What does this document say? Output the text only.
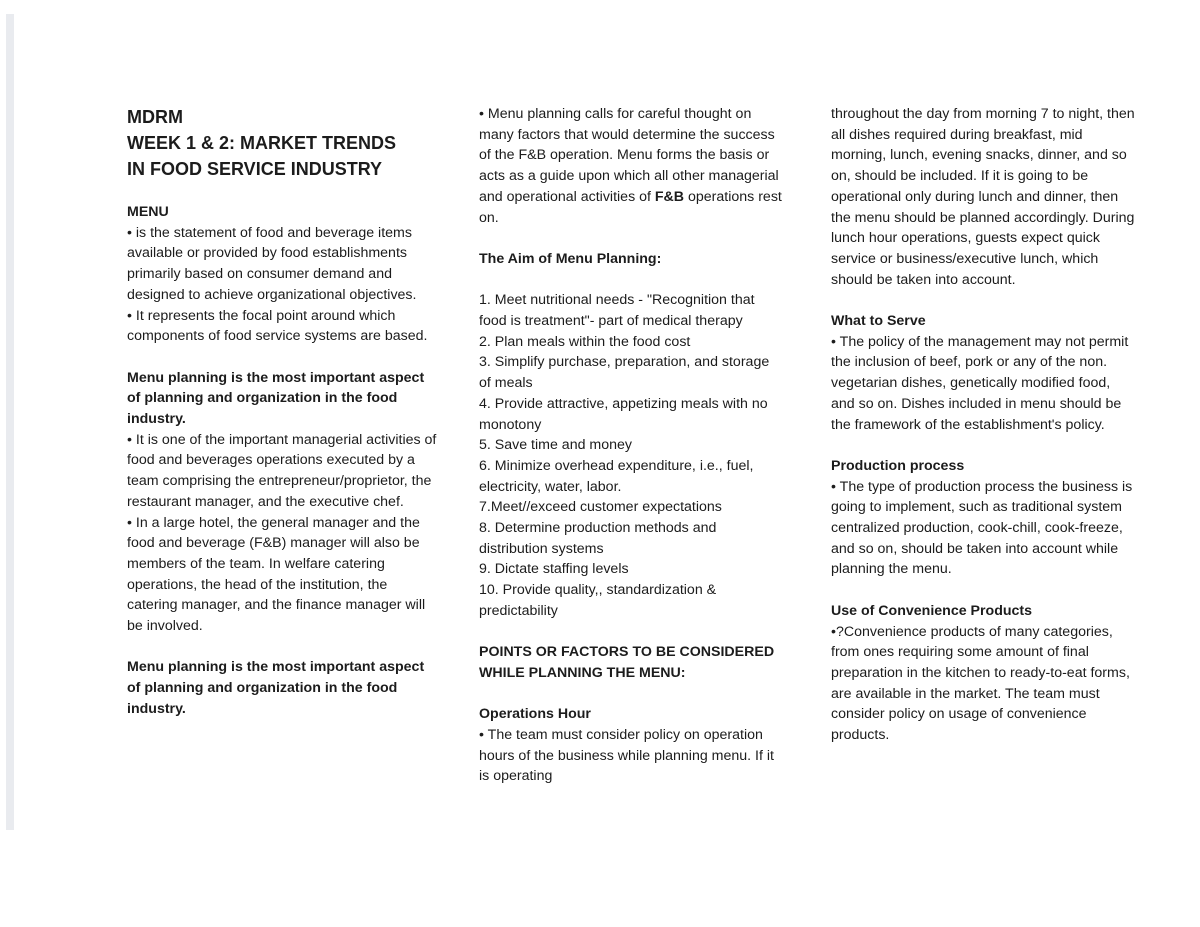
MDRM
WEEK 1 & 2: MARKET TRENDS
IN FOOD SERVICE INDUSTRY

MENU

• is the statement of food and beverage items available or provided by food establishments primarily based on consumer demand and designed to achieve organizational objectives.

• It represents the focal point around which components of food service systems are based.

Menu planning is the most important aspect of planning and organization in the food industry.

• It is one of the important managerial activities of food and beverages operations executed by a team comprising the entrepreneur/proprietor, the restaurant manager, and the executive chef.

• In a large hotel, the general manager and the food and beverage (F&B) manager will also be members of the team. In welfare catering operations, the head of the institution, the catering manager, and the finance manager will be involved.

Menu planning is the most important aspect of planning and organization in the food industry.

• Menu planning calls for careful thought on many factors that would determine the success of the F&B operation. Menu forms the basis or acts as a guide upon which all other managerial and operational activities of F&B operations rest on.

The Aim of Menu Planning:

1. Meet nutritional needs - "Recognition that food is treatment"- part of medical therapy

2. Plan meals within the food cost

3. Simplify purchase, preparation, and storage of meals

4. Provide attractive, appetizing meals with no monotony

5. Save time and money

6. Minimize overhead expenditure, i.e., fuel, electricity, water, labor.

7.Meet//exceed customer expectations

8. Determine production methods and distribution systems

9. Dictate staffing levels

10. Provide quality,, standardization & predictability

POINTS OR FACTORS TO BE CONSIDERED WHILE PLANNING THE MENU:

Operations Hour

• The team must consider policy on operation hours of the business while planning menu. If it is operating

throughout the day from morning 7 to night, then all dishes required during breakfast, mid morning, lunch, evening snacks, dinner, and so on, should be included. If it is going to be operational only during lunch and dinner, then the menu should be planned accordingly. During lunch hour operations, guests expect quick service or business/executive lunch, which should be taken into account.

What to Serve

• The policy of the management may not permit the inclusion of beef, pork or any of the non. vegetarian dishes, genetically modified food, and so on. Dishes included in menu should be the framework of the establishment's policy.

Production process

• The type of production process the business is going to implement, such as traditional system centralized production, cook-chill, cook-freeze, and so on, should be taken into account while planning the menu.

Use of Convenience Products

•?Convenience products of many categories, from ones requiring some amount of final preparation in the kitchen to ready-to-eat forms, are available in the market. The team must consider policy on usage of convenience products.
